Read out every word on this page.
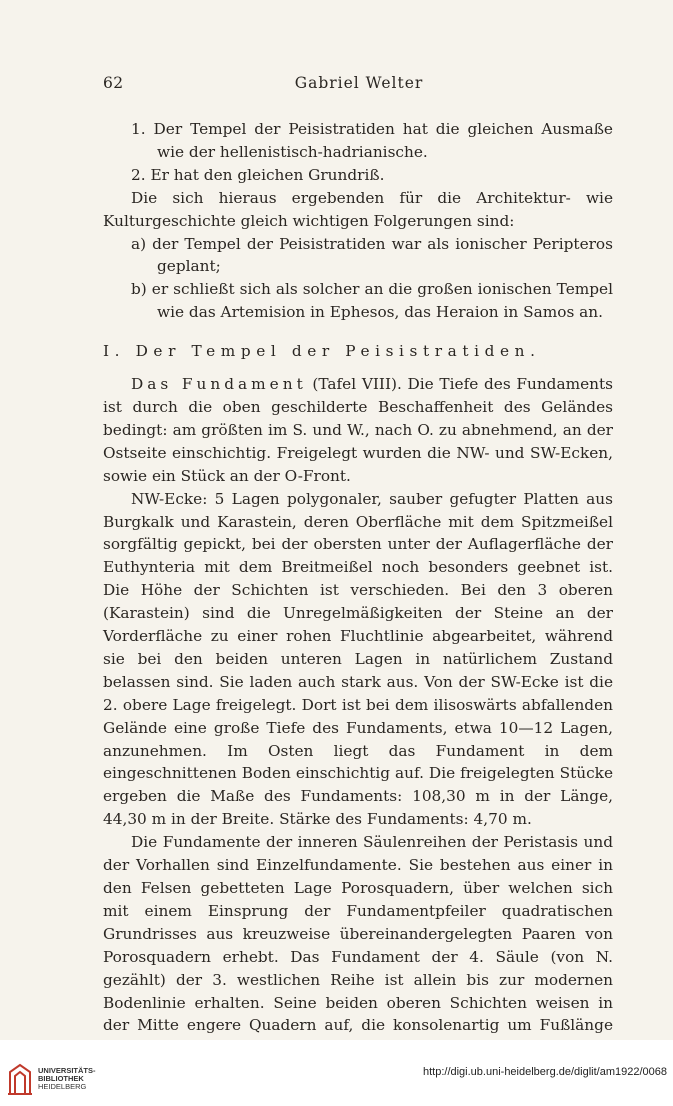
62	Gabriel Welter

1. Der Tempel der Peisistratiden hat die gleichen Ausmaße wie der hellenistisch-hadrianische.

2. Er hat den gleichen Grundriß.

Die sich hieraus ergebenden für die Architektur- wie Kulturgeschichte gleich wichtigen Folgerungen sind:

a) der Tempel der Peisistratiden war als ionischer Peripteros geplant;

b) er schließt sich als solcher an die großen ionischen Tempel wie das Artemision in Ephesos, das Heraion in Samos an.

I. Der Tempel der Peisistratiden.

Das Fundament (Tafel VIII). Die Tiefe des Fundaments ist durch die oben geschilderte Beschaffenheit des Geländes bedingt: am größten im S. und W., nach O. zu abnehmend, an der Ostseite einschichtig. Freigelegt wurden die NW- und SW-Ecken, sowie ein Stück an der O-Front.

NW-Ecke: 5 Lagen polygonaler, sauber gefugter Platten aus Burgkalk und Karastein, deren Oberfläche mit dem Spitzmeißel sorgfältig gepickt, bei der obersten unter der Auflagerfläche der Euthynteria mit dem Breitmeißel noch besonders geebnet ist. Die Höhe der Schichten ist verschieden. Bei den 3 oberen (Karastein) sind die Unregelmäßigkeiten der Steine an der Vorderfläche zu einer rohen Fluchtlinie abgearbeitet, während sie bei den beiden unteren Lagen in natürlichem Zustand belassen sind. Sie laden auch stark aus. Von der SW-Ecke ist die 2. obere Lage freigelegt. Dort ist bei dem ilisoswärts abfallenden Gelände eine große Tiefe des Fundaments, etwa 10—12 Lagen, anzunehmen. Im Osten liegt das Fundament in dem eingeschnittenen Boden einschichtig auf. Die freigelegten Stücke ergeben die Maße des Fundaments: 108,30 m in der Länge, 44,30 m in der Breite. Stärke des Fundaments: 4,70 m.

Die Fundamente der inneren Säulenreihen der Peristasis und der Vorhallen sind Einzelfundamente. Sie bestehen aus einer in den Felsen gebetteten Lage Porosquadern, über welchen sich mit einem Einsprung der Fundamentpfeiler quadratischen Grundrisses aus kreuzweise übereinandergelegten Paaren von Porosquadern erhebt. Das Fundament der 4. Säule (von N. gezählt) der 3. westlichen Reihe ist allein bis zur modernen Bodenlinie erhalten. Seine beiden oberen Schichten weisen in der Mitte engere Quadern auf, die konsolenartig um Fußlänge

UNIVERSITÄTS-
BIBLIOTHEK
HEIDELBERG
http://digi.ub.uni-heidelberg.de/diglit/am1922/0068
